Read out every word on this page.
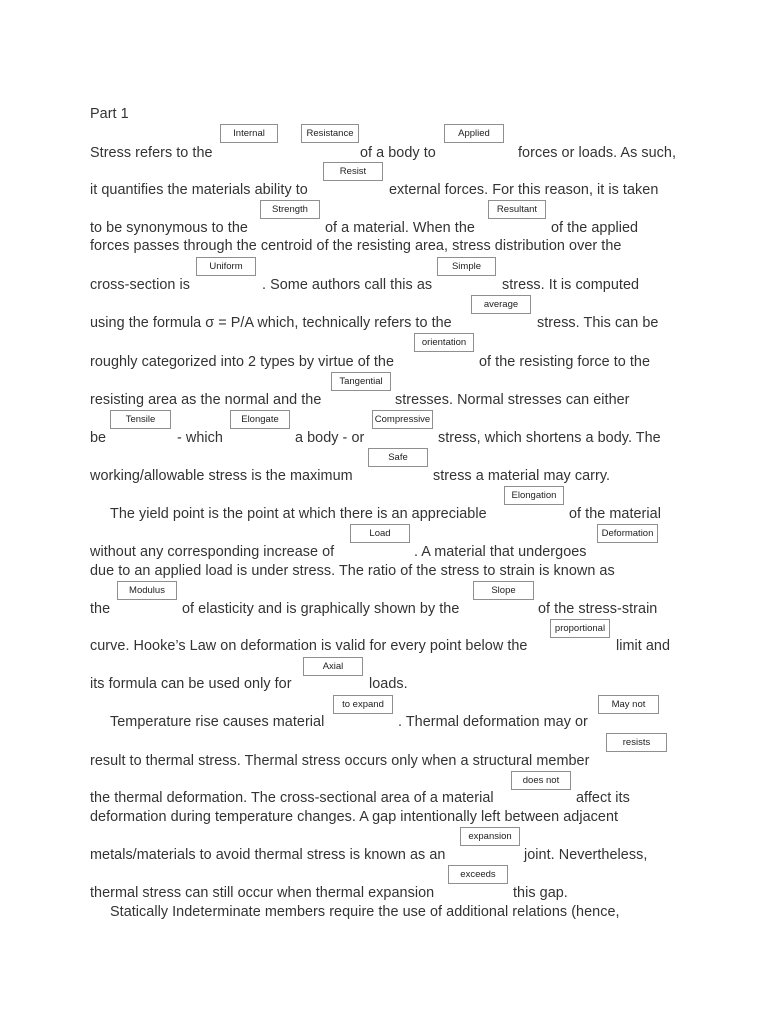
Part 1
Stress refers to the	of a body to	forces or loads. As such,
it quantifies the materials ability to	external forces. For this reason, it is taken
to be synonymous to the	of a material. When the	of the applied
forces passes through the centroid of the resisting area, stress distribution over the
cross-section is	. Some authors call this as	stress. It is computed
using the formula σ = P/A which, technically refers to the	stress. This can be
roughly categorized into 2 types by virtue of the	of the resisting force to the
resisting area as the normal and the	stresses. Normal stresses can either
be	- which	a body - or	stress, which shortens a body. The
working/allowable stress is the maximum	stress a material may carry.
The yield point is the point at which there is an appreciable	of the material
without any corresponding increase of	. A material that undergoes
due to an applied load is under stress. The ratio of the stress to strain is known as
the	of elasticity and is graphically shown by the	of the stress-strain
curve. Hooke’s Law on deformation is valid for every point below the	limit and
its formula can be used only for	loads.
Temperature rise causes material	. Thermal deformation may or
result to thermal stress. Thermal stress occurs only when a structural member
the thermal deformation. The cross-sectional area of a material	affect its
deformation during temperature changes. A gap intentionally left between adjacent
metals/materials to avoid thermal stress is known as an	joint. Nevertheless,
thermal stress can still occur when thermal expansion	this gap.
Statically Indeterminate members require the use of additional relations (hence,
Internal	Resistance	Applied
Resist
Strength	Resultant
Uniform	Simple
average
orientation
Tangential
Tensile	Elongate	Compressive
Safe
Elongation
Load	Deformation
Modulus	Slope
proportional
Axial
to expand	May not
resists
does not
expansion
exceeds
